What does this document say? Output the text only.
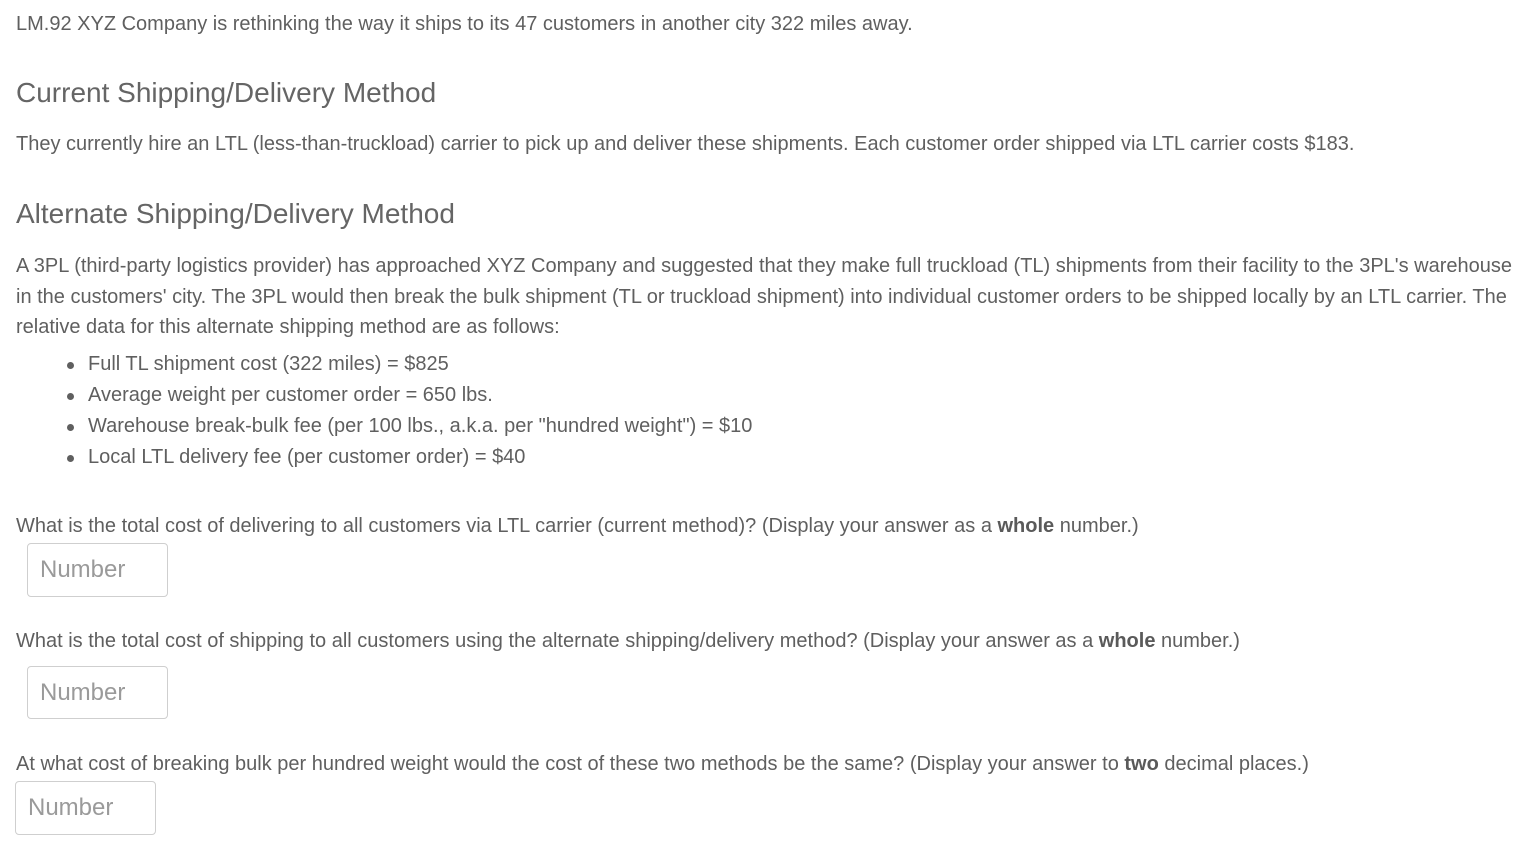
LM.92 XYZ Company is rethinking the way it ships to its 47 customers in another city 322 miles away.
Current Shipping/Delivery Method
They currently hire an LTL (less-than-truckload) carrier to pick up and deliver these shipments. Each customer order shipped via LTL carrier costs $183.
Alternate Shipping/Delivery Method
A 3PL (third-party logistics provider) has approached XYZ Company and suggested that they make full truckload (TL) shipments from their facility to the 3PL's warehouse in the customers' city. The 3PL would then break the bulk shipment (TL or truckload shipment) into individual customer orders to be shipped locally by an LTL carrier. The relative data for this alternate shipping method are as follows:
Full TL shipment cost (322 miles) = $825
Average weight per customer order = 650 lbs.
Warehouse break-bulk fee (per 100 lbs., a.k.a. per "hundred weight") = $10
Local LTL delivery fee (per customer order) = $40
What is the total cost of delivering to all customers via LTL carrier (current method)? (Display your answer as a whole number.)
Number
What is the total cost of shipping to all customers using the alternate shipping/delivery method? (Display your answer as a whole number.)
Number
At what cost of breaking bulk per hundred weight would the cost of these two methods be the same? (Display your answer to two decimal places.)
Number
